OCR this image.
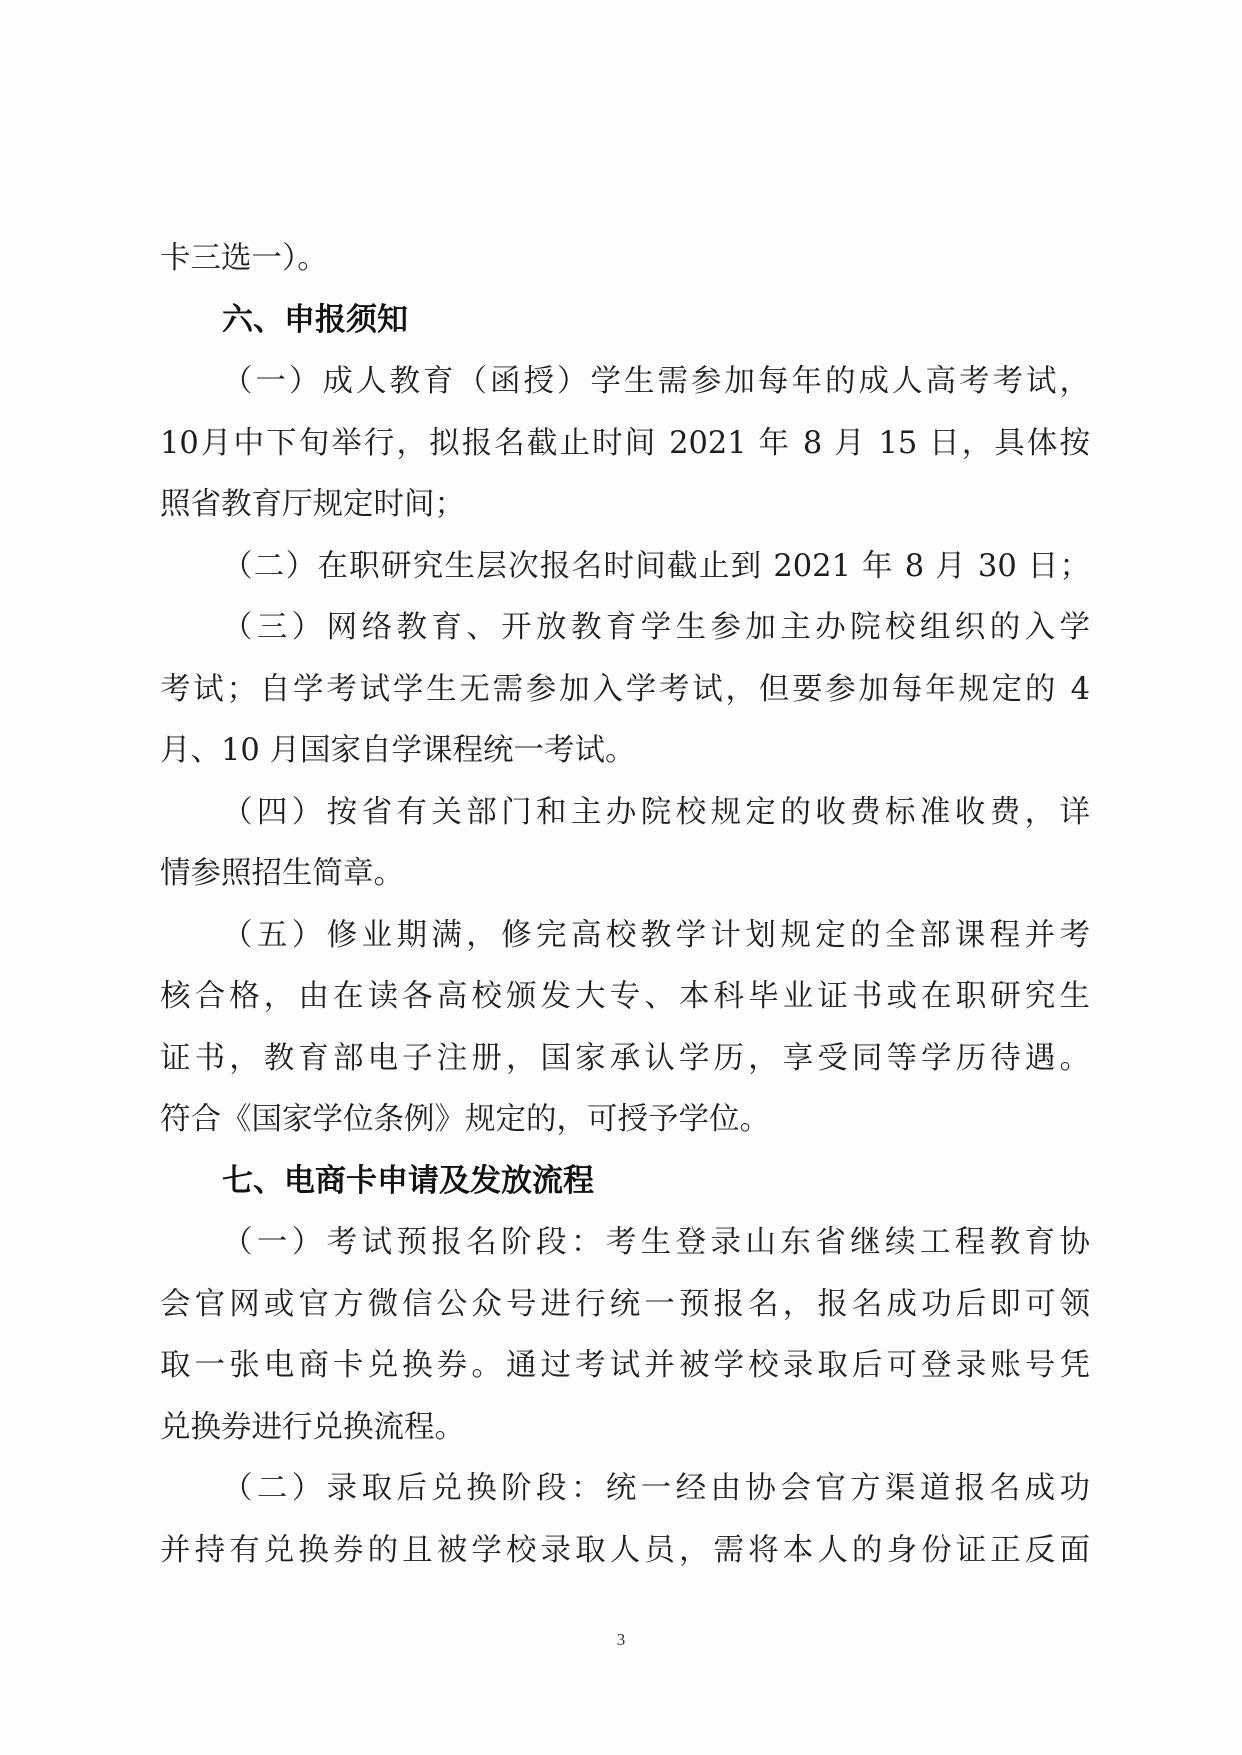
卡三选一）。
六、申报须知
（一）成人教育（函授）学生需参加每年的成人高考考试，
10月中下旬举行，拟报名截止时间 2021 年 8 月 15 日，具体按
照省教育厅规定时间；
（二）在职研究生层次报名时间截止到 2021 年 8 月 30 日；
（三）网络教育、开放教育学生参加主办院校组织的入学
考试；自学考试学生无需参加入学考试，但要参加每年规定的 4
月、10 月国家自学课程统一考试。
（四）按省有关部门和主办院校规定的收费标准收费，详
情参照招生简章。
（五）修业期满，修完高校教学计划规定的全部课程并考
核合格，由在读各高校颁发大专、本科毕业证书或在职研究生
证书，教育部电子注册，国家承认学历，享受同等学历待遇。
符合《国家学位条例》规定的，可授予学位。
七、电商卡申请及发放流程
（一）考试预报名阶段：考生登录山东省继续工程教育协
会官网或官方微信公众号进行统一预报名，报名成功后即可领
取一张电商卡兑换券。通过考试并被学校录取后可登录账号凭
兑换券进行兑换流程。
（二）录取后兑换阶段：统一经由协会官方渠道报名成功
并持有兑换券的且被学校录取人员，需将本人的身份证正反面
3
